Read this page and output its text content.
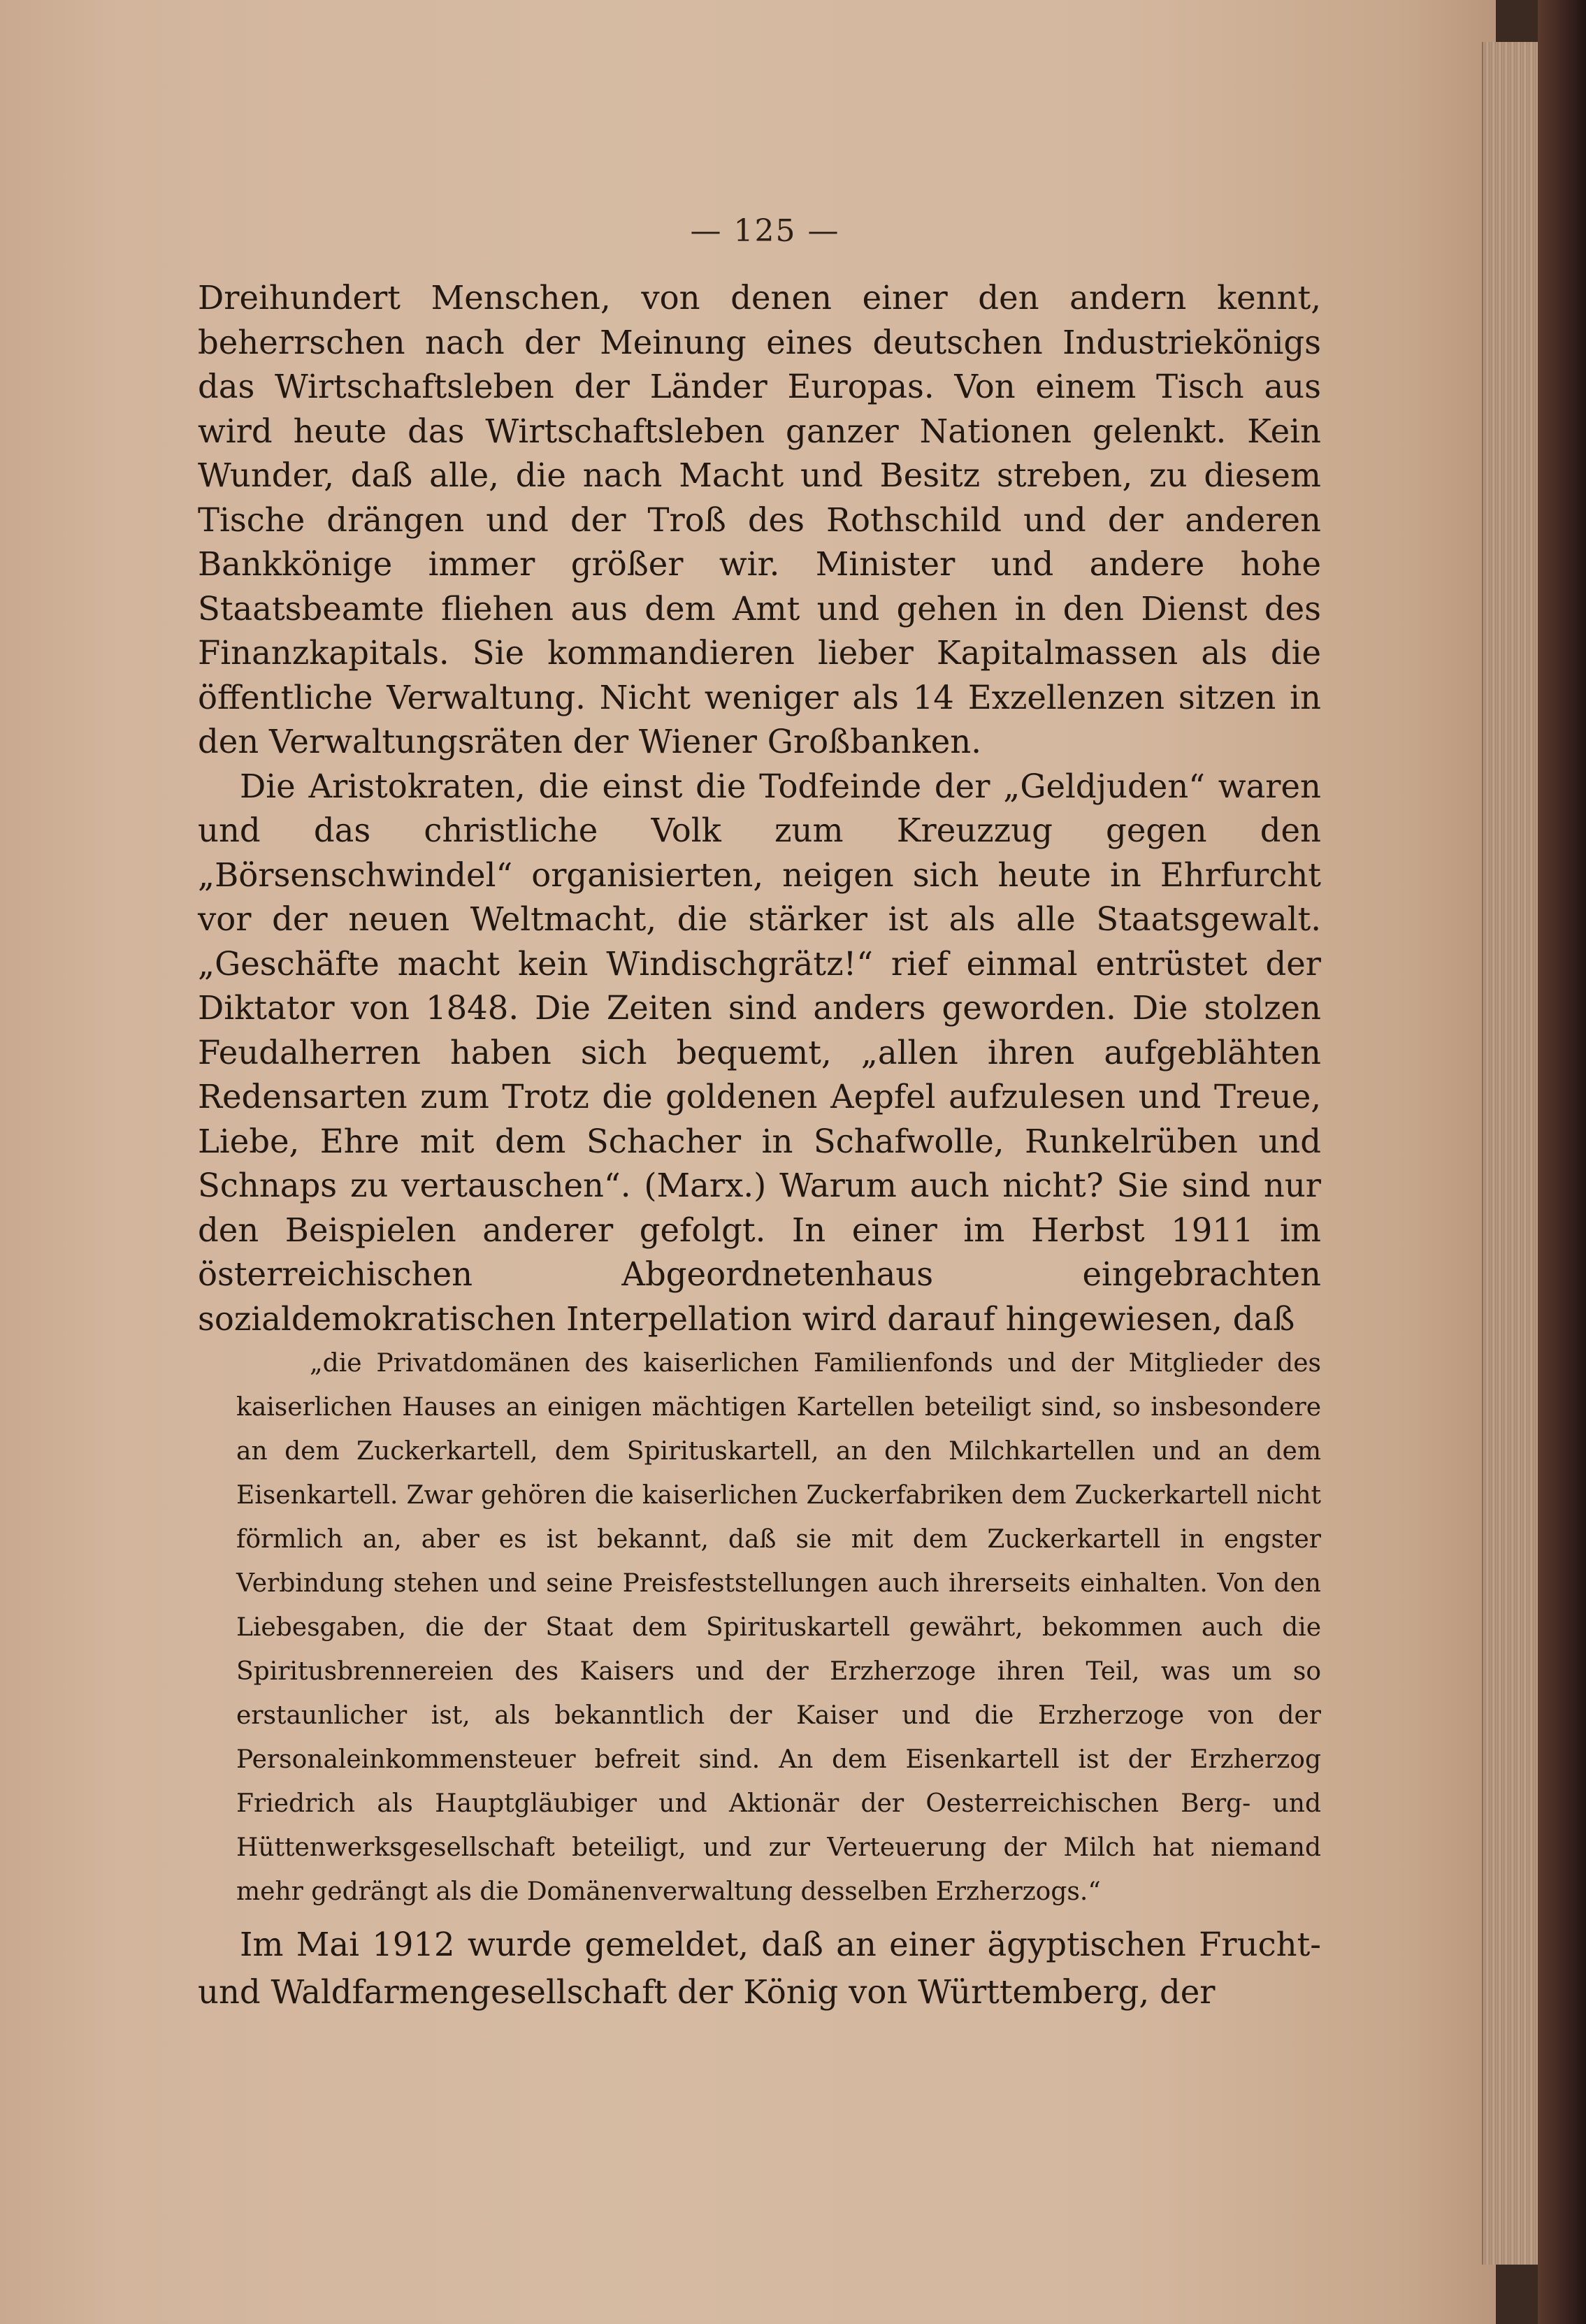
— 125 —

Dreihundert Menschen, von denen einer den andern kennt, beherrschen nach der Meinung eines deutschen Industriekönigs das Wirtschaftsleben der Länder Europas. Von einem Tisch aus wird heute das Wirtschaftsleben ganzer Nationen gelenkt. Kein Wunder, daß alle, die nach Macht und Besitz streben, zu diesem Tische drängen und der Troß des Rothschild und der anderen Bankkönige immer größer wir. Minister und andere hohe Staatsbeamte fliehen aus dem Amt und gehen in den Dienst des Finanzkapitals. Sie kommandieren lieber Kapitalmassen als die öffentliche Verwaltung. Nicht weniger als 14 Exzellenzen sitzen in den Verwaltungsräten der Wiener Großbanken.

Die Aristokraten, die einst die Todfeinde der „Geldjuden“ waren und das christliche Volk zum Kreuzzug gegen den „Börsenschwindel“ organisierten, neigen sich heute in Ehrfurcht vor der neuen Weltmacht, die stärker ist als alle Staatsgewalt. „Geschäfte macht kein Windischgrätz!“ rief einmal entrüstet der Diktator von 1848. Die Zeiten sind anders geworden. Die stolzen Feudalherren haben sich bequemt, „allen ihren aufgeblähten Redensarten zum Trotz die goldenen Aepfel aufzulesen und Treue, Liebe, Ehre mit dem Schacher in Schafwolle, Runkelrüben und Schnaps zu vertauschen“. (Marx.) Warum auch nicht? Sie sind nur den Beispielen anderer gefolgt. In einer im Herbst 1911 im österreichischen Abgeordnetenhaus eingebrachten sozialdemokratischen Interpellation wird darauf hingewiesen, daß

„die Privatdomänen des kaiserlichen Familienfonds und der Mitglieder des kaiserlichen Hauses an einigen mächtigen Kartellen beteiligt sind, so insbesondere an dem Zuckerkartell, dem Spirituskartell, an den Milchkartellen und an dem Eisenkartell. Zwar gehören die kaiserlichen Zuckerfabriken dem Zuckerkartell nicht förmlich an, aber es ist bekannt, daß sie mit dem Zuckerkartell in engster Verbindung stehen und seine Preisfeststellungen auch ihrerseits einhalten. Von den Liebesgaben, die der Staat dem Spirituskartell gewährt, bekommen auch die Spiritusbrennereien des Kaisers und der Erzherzoge ihren Teil, was um so erstaunlicher ist, als bekanntlich der Kaiser und die Erzherzoge von der Personaleinkommensteuer befreit sind. An dem Eisenkartell ist der Erzherzog Friedrich als Hauptgläubiger und Aktionär der Oesterreichischen Berg- und Hüttenwerksgesellschaft beteiligt, und zur Verteuerung der Milch hat niemand mehr gedrängt als die Domänenverwaltung desselben Erzherzogs.“

Im Mai 1912 wurde gemeldet, daß an einer ägyptischen Frucht- und Waldfarmengesellschaft der König von Württemberg, der
